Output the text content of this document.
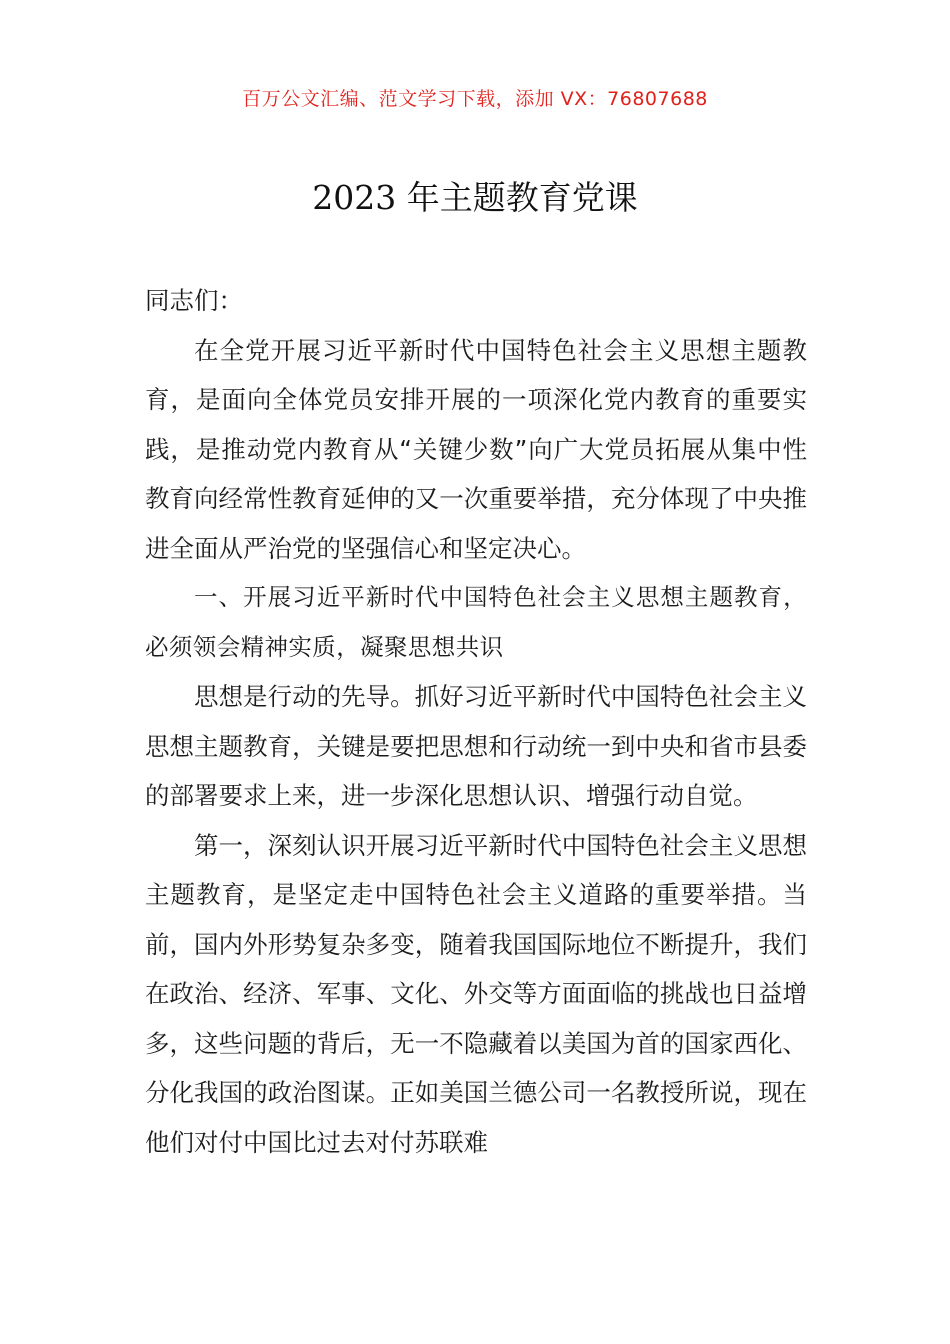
百万公文汇编、范文学习下载，添加 VX：76807688
2023 年主题教育党课

同志们：

在全党开展习近平新时代中国特色社会主义思想主题教育，是面向全体党员安排开展的一项深化党内教育的重要实践，是推动党内教育从“关键少数”向广大党员拓展从集中性教育向经常性教育延伸的又一次重要举措，充分体现了中央推进全面从严治党的坚强信心和坚定决心。

一、开展习近平新时代中国特色社会主义思想主题教育，必须领会精神实质，凝聚思想共识

思想是行动的先导。抓好习近平新时代中国特色社会主义思想主题教育，关键是要把思想和行动统一到中央和省市县委的部署要求上来，进一步深化思想认识、增强行动自觉。

第一，深刻认识开展习近平新时代中国特色社会主义思想主题教育，是坚定走中国特色社会主义道路的重要举措。当前，国内外形势复杂多变，随着我国国际地位不断提升，我们在政治、经济、军事、文化、外交等方面面临的挑战也日益增多，这些问题的背后，无一不隐藏着以美国为首的国家西化、分化我国的政治图谋。正如美国兰德公司一名教授所说，现在他们对付中国比过去对付苏联难
